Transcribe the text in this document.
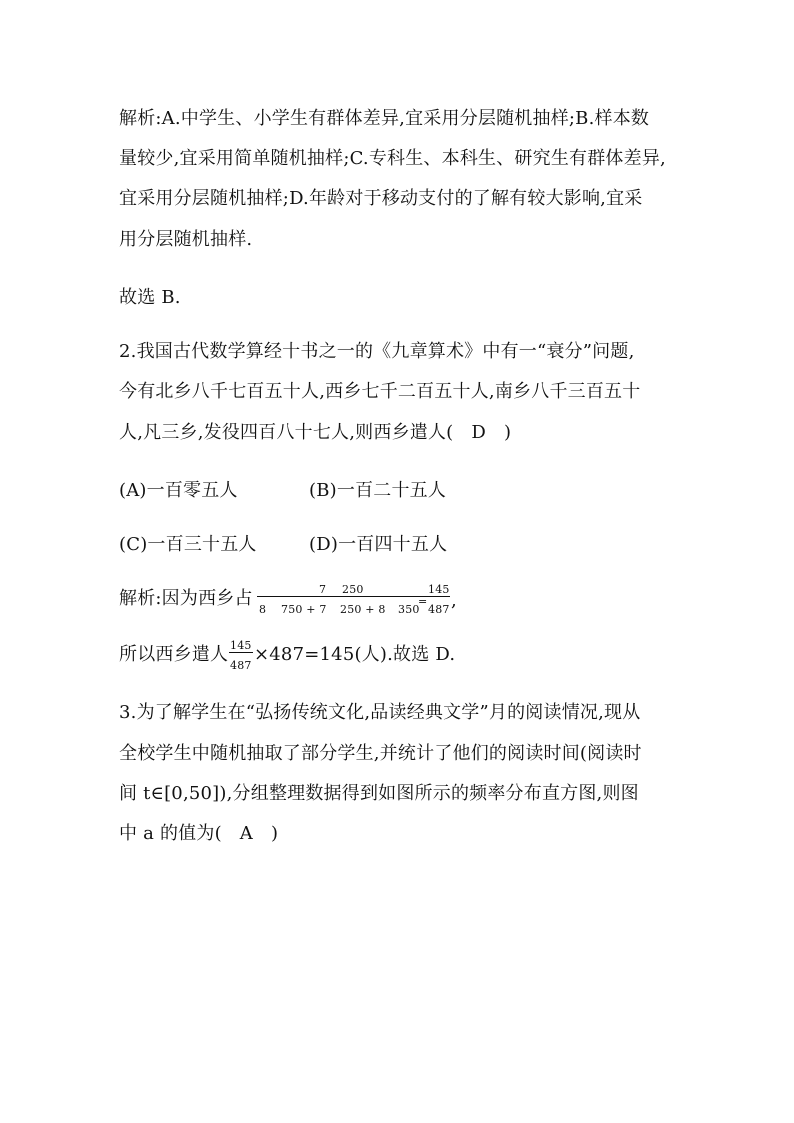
解析:A.中学生、小学生有群体差异,宜采用分层随机抽样;B.样本数
量较少,宜采用简单随机抽样;C.专科生、本科生、研究生有群体差异,
宜采用分层随机抽样;D.年龄对于移动支付的了解有较大影响,宜采
用分层随机抽样.
故选 B.
2.我国古代数学算经十书之一的《九章算术》中有一“衰分”问题,
今有北乡八千七百五十人,西乡七千二百五十人,南乡八千三百五十
人,凡三乡,发役四百八十七人,则西乡遣人( D )
(A)一百零五人	(B)一百二十五人
(C)一百三十五人	(D)一百四十五人
解析:因为西乡占	7 250
8 750 + 7 250 + 8 350
=
145
487 ,
所以西乡遣人 145
487
×487=145(人).故选 D.
3.为了解学生在“弘扬传统文化,品读经典文学”月的阅读情况,现从
全校学生中随机抽取了部分学生,并统计了他们的阅读时间(阅读时
间 t∈[0,50]),分组整理数据得到如图所示的频率分布直方图,则图
中 a 的值为( A )
